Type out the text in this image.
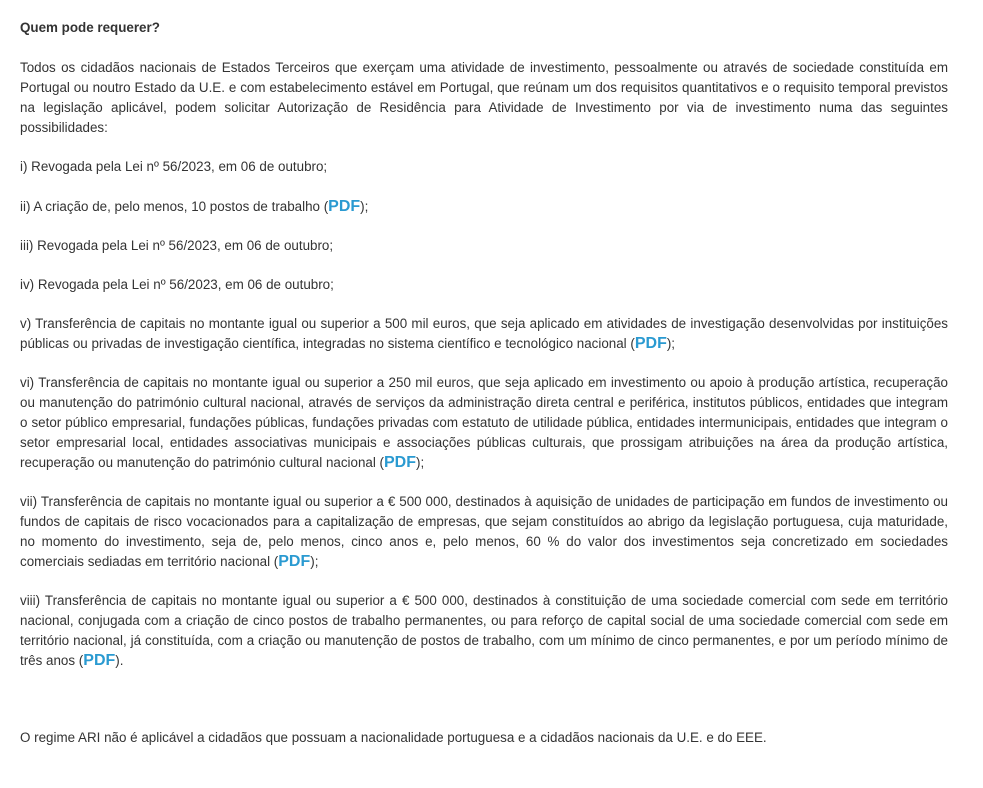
Quem pode requerer?

Todos os cidadãos nacionais de Estados Terceiros que exerçam uma atividade de investimento, pessoalmente ou através de sociedade constituída em Portugal ou noutro Estado da U.E. e com estabelecimento estável em Portugal, que reúnam um dos requisitos quantitativos e o requisito temporal previstos na legislação aplicável, podem solicitar Autorização de Residência para Atividade de Investimento por via de investimento numa das seguintes possibilidades:

i) Revogada pela Lei nº 56/2023, em 06 de outubro;

ii) A criação de, pelo menos, 10 postos de trabalho (PDF);

iii) Revogada pela Lei nº 56/2023, em 06 de outubro;

iv) Revogada pela Lei nº 56/2023, em 06 de outubro;

v) Transferência de capitais no montante igual ou superior a 500 mil euros, que seja aplicado em atividades de investigação desenvolvidas por instituições públicas ou privadas de investigação científica, integradas no sistema científico e tecnológico nacional (PDF);

vi) Transferência de capitais no montante igual ou superior a 250 mil euros, que seja aplicado em investimento ou apoio à produção artística, recuperação ou manutenção do património cultural nacional, através de serviços da administração direta central e periférica, institutos públicos, entidades que integram o setor público empresarial, fundações públicas, fundações privadas com estatuto de utilidade pública, entidades intermunicipais, entidades que integram o setor empresarial local, entidades associativas municipais e associações públicas culturais, que prossigam atribuições na área da produção artística, recuperação ou manutenção do património cultural nacional (PDF);

vii) Transferência de capitais no montante igual ou superior a € 500 000, destinados à aquisição de unidades de participação em fundos de investimento ou fundos de capitais de risco vocacionados para a capitalização de empresas, que sejam constituídos ao abrigo da legislação portuguesa, cuja maturidade, no momento do investimento, seja de, pelo menos, cinco anos e, pelo menos, 60 % do valor dos investimentos seja concretizado em sociedades comerciais sediadas em território nacional (PDF);

viii) Transferência de capitais no montante igual ou superior a € 500 000, destinados à constituição de uma sociedade comercial com sede em território nacional, conjugada com a criação de cinco postos de trabalho permanentes, ou para reforço de capital social de uma sociedade comercial com sede em território nacional, já constituída, com a criação ou manutenção de postos de trabalho, com um mínimo de cinco permanentes, e por um período mínimo de três anos (PDF).

O regime ARI não é aplicável a cidadãos que possuam a nacionalidade portuguesa e a cidadãos nacionais da U.E. e do EEE.
